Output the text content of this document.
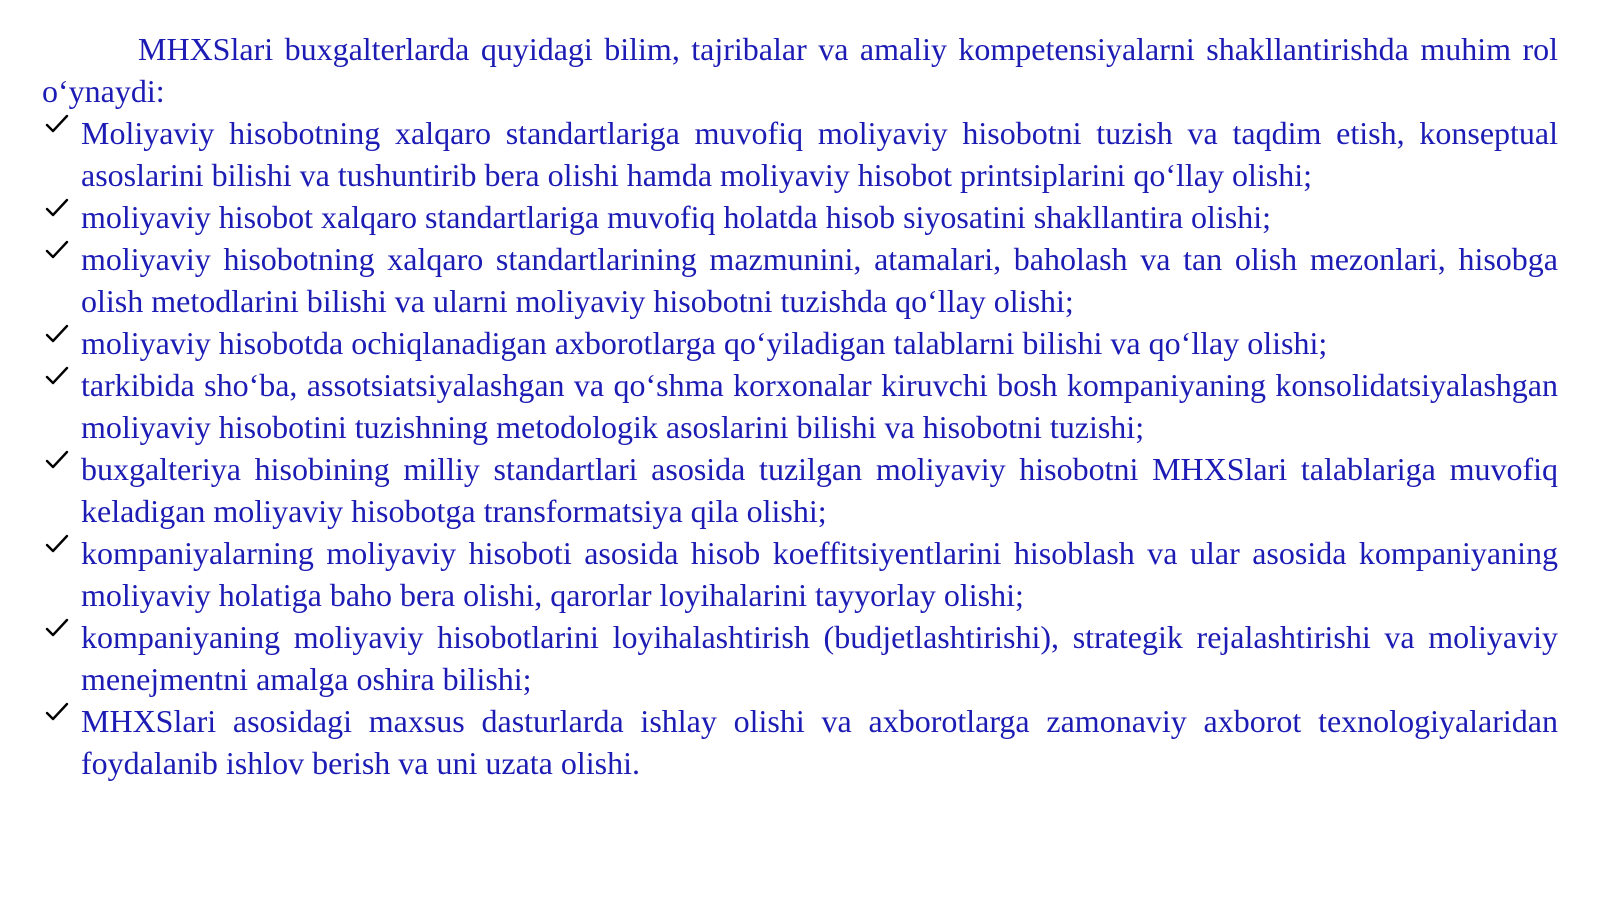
MHXSlari buxgalterlarda quyidagi bilim, tajribalar va amaliy kompetensiyalarni shakllantirishda muhim rol o‘ynaydi:

Moliyaviy hisobotning xalqaro standartlariga muvofiq moliyaviy hisobotni tuzish va taqdim etish, konseptual asoslarini bilishi va tushuntirib bera olishi hamda moliyaviy hisobot printsiplarini qo‘llay olishi;
moliyaviy hisobot xalqaro standartlariga muvofiq holatda hisob siyosatini shakllantira olishi;
moliyaviy hisobotning xalqaro standartlarining mazmunini, atamalari, baholash va tan olish mezonlari, hisobga olish metodlarini bilishi va ularni moliyaviy hisobotni tuzishda qo‘llay olishi;
moliyaviy hisobotda ochiqlanadigan axborotlarga qo‘yiladigan talablarni bilishi va qo‘llay olishi;
tarkibida sho‘ba, assotsiatsiyalashgan va qo‘shma korxonalar kiruvchi bosh kompaniyaning konsolidatsiyalashgan moliyaviy hisobotini tuzishning metodologik asoslarini bilishi va hisobotni tuzishi;
buxgalteriya hisobining milliy standartlari asosida tuzilgan moliyaviy hisobotni MHXSlari talablariga muvofiq keladigan moliyaviy hisobotga transformatsiya qila olishi;
kompaniyalarning moliyaviy hisoboti asosida hisob koeffitsiyentlarini hisoblash va ular asosida kompaniyaning moliyaviy holatiga baho bera olishi, qarorlar loyihalarini tayyorlay olishi;
kompaniyaning moliyaviy hisobotlarini loyihalashtirish (budjetlashtirishi), strategik rejalashtirishi va moliyaviy menejmentni amalga oshira bilishi;
MHXSlari asosidagi maxsus dasturlarda ishlay olishi va axborotlarga zamonaviy axborot texnologiyalaridan foydalanib ishlov berish va uni uzata olishi.
